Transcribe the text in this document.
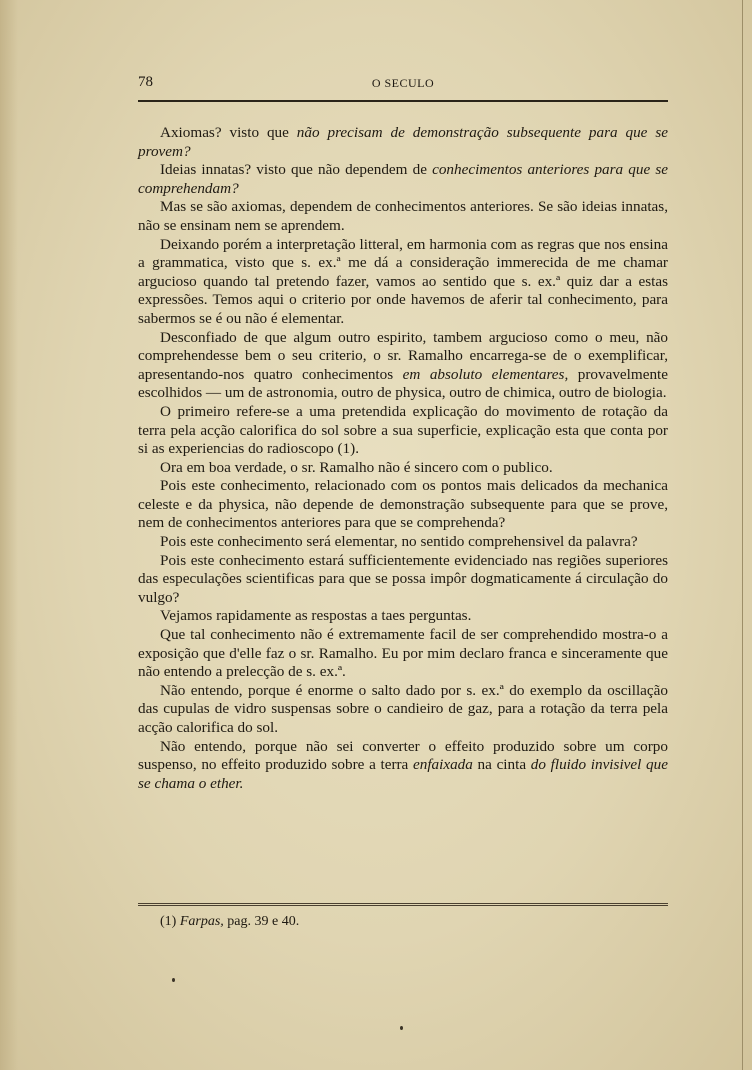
78	O SECULO

Axiomas? visto que não precisam de demonstração subsequente para que se provem?

Ideias innatas? visto que não dependem de conhecimentos anteriores para que se comprehendam?

Mas se são axiomas, dependem de conhecimentos anteriores. Se são ideias innatas, não se ensinam nem se aprendem.

Deixando porém a interpretação litteral, em harmonia com as regras que nos ensina a grammatica, visto que s. ex.ª me dá a consideração immerecida de me chamar argucioso quando tal pretendo fazer, vamos ao sentido que s. ex.ª quiz dar a estas expressões. Temos aqui o criterio por onde havemos de aferir tal conhecimento, para sabermos se é ou não é elementar.

Desconfiado de que algum outro espirito, tambem argucioso como o meu, não comprehendesse bem o seu criterio, o sr. Ramalho encarrega-se de o exemplificar, apresentando-nos quatro conhecimentos em absoluto elementares, provavelmente escolhidos — um de astronomia, outro de physica, outro de chimica, outro de biologia.

O primeiro refere-se a uma pretendida explicação do movimento de rotação da terra pela acção calorifica do sol sobre a sua superficie, explicação esta que conta por si as experiencias do radioscopo (1).

Ora em boa verdade, o sr. Ramalho não é sincero com o publico.

Pois este conhecimento, relacionado com os pontos mais delicados da mechanica celeste e da physica, não depende de demonstração subsequente para que se prove, nem de conhecimentos anteriores para que se comprehenda?

Pois este conhecimento será elementar, no sentido comprehensivel da palavra?

Pois este conhecimento estará sufficientemente evidenciado nas regiões superiores das especulações scientificas para que se possa impôr dogmaticamente á circulação do vulgo?

Vejamos rapidamente as respostas a taes perguntas.

Que tal conhecimento não é extremamente facil de ser comprehendido mostra-o a exposição que d'elle faz o sr. Ramalho. Eu por mim declaro franca e sinceramente que não entendo a prelecção de s. ex.ª.

Não entendo, porque é enorme o salto dado por s. ex.ª do exemplo da oscillação das cupulas de vidro suspensas sobre o candieiro de gaz, para a rotação da terra pela acção calorifica do sol.

Não entendo, porque não sei converter o effeito produzido sobre um corpo suspenso, no effeito produzido sobre a terra enfaixada na cinta do fluido invisivel que se chama o ether.

(1) Farpas, pag. 39 e 40.
